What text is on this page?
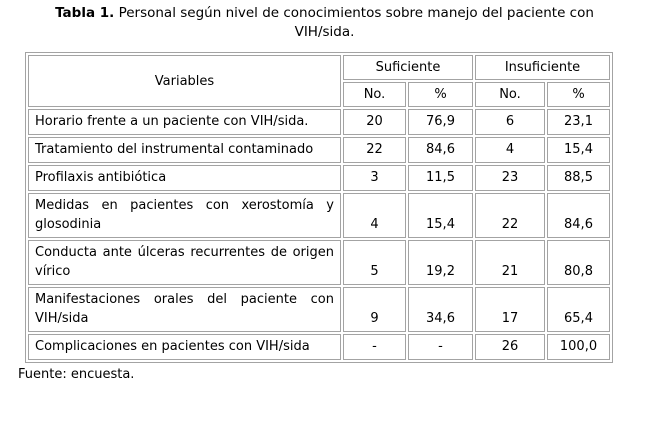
Tabla 1. Personal según nivel de conocimientos sobre manejo del paciente con VIH/sida.
Variables	Suficiente		Insuficiente	
	No.	%	No.	%
Horario frente a un paciente con VIH/sida.	20	76,9	6	23,1
Tratamiento del instrumental contaminado	22	84,6	4	15,4
Profilaxis antibiótica	3	11,5	23	88,5
Medidas en pacientes con xerostomía y glosodinia	4	15,4	22	84,6
Conducta ante úlceras recurrentes de origen vírico	5	19,2	21	80,8
Manifestaciones orales del paciente con VIH/sida	9	34,6	17	65,4
Complicaciones en pacientes con VIH/sida	-	-	26	100,0
Fuente: encuesta.
